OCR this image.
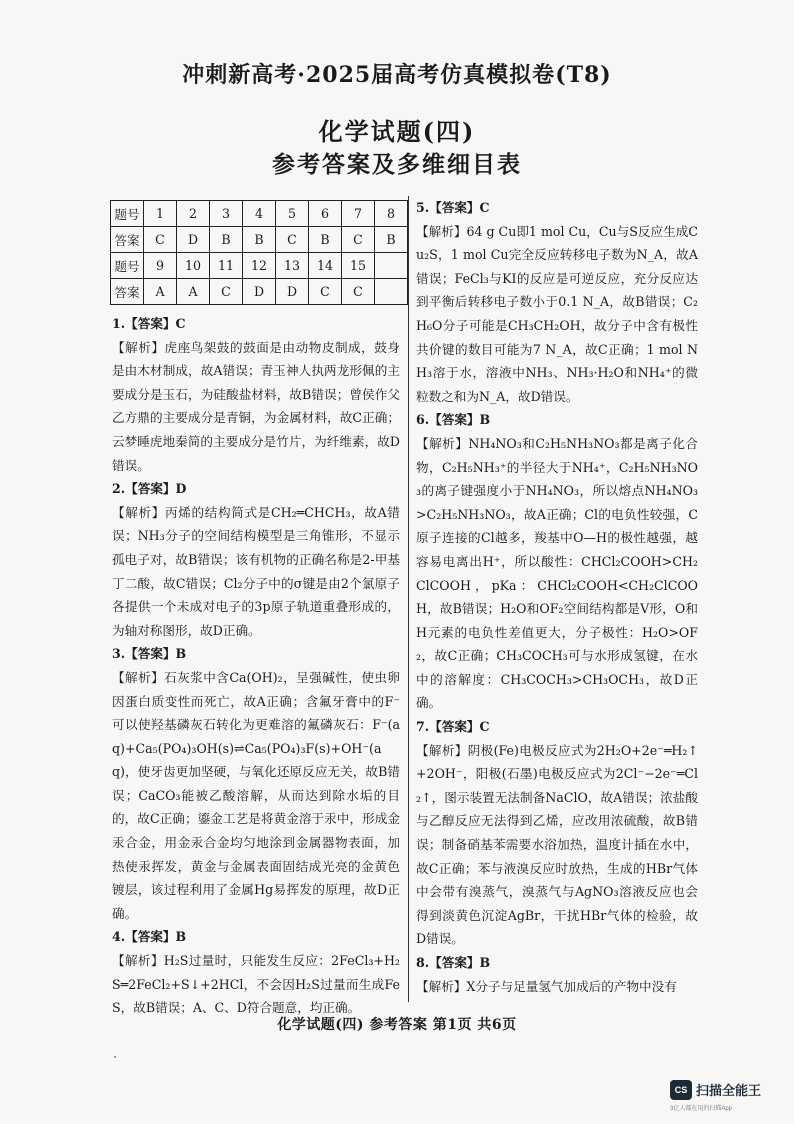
冲刺新高考·2025届高考仿真模拟卷(T8)
化学试题(四)
参考答案及多维细目表
题号	1	2	3	4	5	6	7	8
答案	C	D	B	B	C	B	C	B
题号	9	10	11	12	13	14	15	
答案	A	A	C	D	D	C	C	
1.【答案】C
【解析】虎座鸟架鼓的鼓面是由动物皮制成，鼓身是由木材制成，故A错误；青玉神人执两龙形佩的主要成分是玉石，为硅酸盐材料，故B错误；曾侯作父乙方鼎的主要成分是青铜，为金属材料，故C正确；云梦睡虎地秦简的主要成分是竹片，为纤维素，故D错误。
2.【答案】D
【解析】丙烯的结构简式是CH₂═CHCH₃，故A错误；NH₃分子的空间结构模型是三角锥形，不显示孤电子对，故B错误；该有机物的正确名称是2-甲基丁二酸，故C错误；Cl₂分子中的σ键是由2个氯原子各提供一个未成对电子的3p原子轨道重叠形成的，为轴对称图形，故D正确。
3.【答案】B
【解析】石灰浆中含Ca(OH)₂，呈强碱性，使虫卵因蛋白质变性而死亡，故A正确；含氟牙膏中的F⁻可以使羟基磷灰石转化为更难溶的氟磷灰石：F⁻(aq)+Ca₅(PO₄)₃OH(s)⇌Ca₅(PO₄)₃F(s)+OH⁻(aq)，使牙齿更加坚硬，与氧化还原反应无关，故B错误；CaCO₃能被乙酸溶解，从而达到除水垢的目的，故C正确；鎏金工艺是将黄金溶于汞中，形成金汞合金，用金汞合金均匀地涂到金属器物表面，加热使汞挥发，黄金与金属表面固结成光亮的金黄色镀层，该过程利用了金属Hg易挥发的原理，故D正确。
4.【答案】B
【解析】H₂S过量时，只能发生反应：2FeCl₃+H₂S═2FeCl₂+S↓+2HCl，不会因H₂S过量而生成FeS，故B错误；A、C、D符合题意，均正确。
5.【答案】C
【解析】64 g Cu即1 mol Cu，Cu与S反应生成Cu₂S，1 mol Cu完全反应转移电子数为N_A，故A错误；FeCl₃与KI的反应是可逆反应，充分反应达到平衡后转移电子数小于0.1 N_A，故B错误；C₂H₆O分子可能是CH₃CH₂OH，故分子中含有极性共价键的数目可能为7 N_A，故C正确；1 mol NH₃溶于水，溶液中NH₃、NH₃·H₂O和NH₄⁺的微粒数之和为N_A，故D错误。
6.【答案】B
【解析】NH₄NO₃和C₂H₅NH₃NO₃都是离子化合物，C₂H₅NH₃⁺的半径大于NH₄⁺，C₂H₅NH₃NO₃的离子键强度小于NH₄NO₃，所以熔点NH₄NO₃>C₂H₅NH₃NO₃，故A正确；Cl的电负性较强，C原子连接的Cl越多，羧基中O—H的极性越强，越容易电离出H⁺，所以酸性：CHCl₂COOH>CH₂ClCOOH，pKa：CHCl₂COOH<CH₂ClCOOH，故B错误；H₂O和OF₂空间结构都是V形，O和H元素的电负性差值更大，分子极性：H₂O>OF₂，故C正确；CH₃COCH₃可与水形成氢键，在水中的溶解度：CH₃COCH₃>CH₃OCH₃，故D正确。
7.【答案】C
【解析】阴极(Fe)电极反应式为2H₂O+2e⁻═H₂↑+2OH⁻，阳极(石墨)电极反应式为2Cl⁻−2e⁻═Cl₂↑，图示装置无法制备NaClO，故A错误；浓盐酸与乙醇反应无法得到乙烯，应改用浓硫酸，故B错误；制备硝基苯需要水浴加热，温度计插在水中，故C正确；苯与液溴反应时放热，生成的HBr气体中会带有溴蒸气，溴蒸气与AgNO₃溶液反应也会得到淡黄色沉淀AgBr，干扰HBr气体的检验，故D错误。
8.【答案】B
【解析】X分子与足量氢气加成后的产物中没有
化学试题(四) 参考答案 第1页 共6页
CS 扫描全能王
3亿人都在用的扫描App
